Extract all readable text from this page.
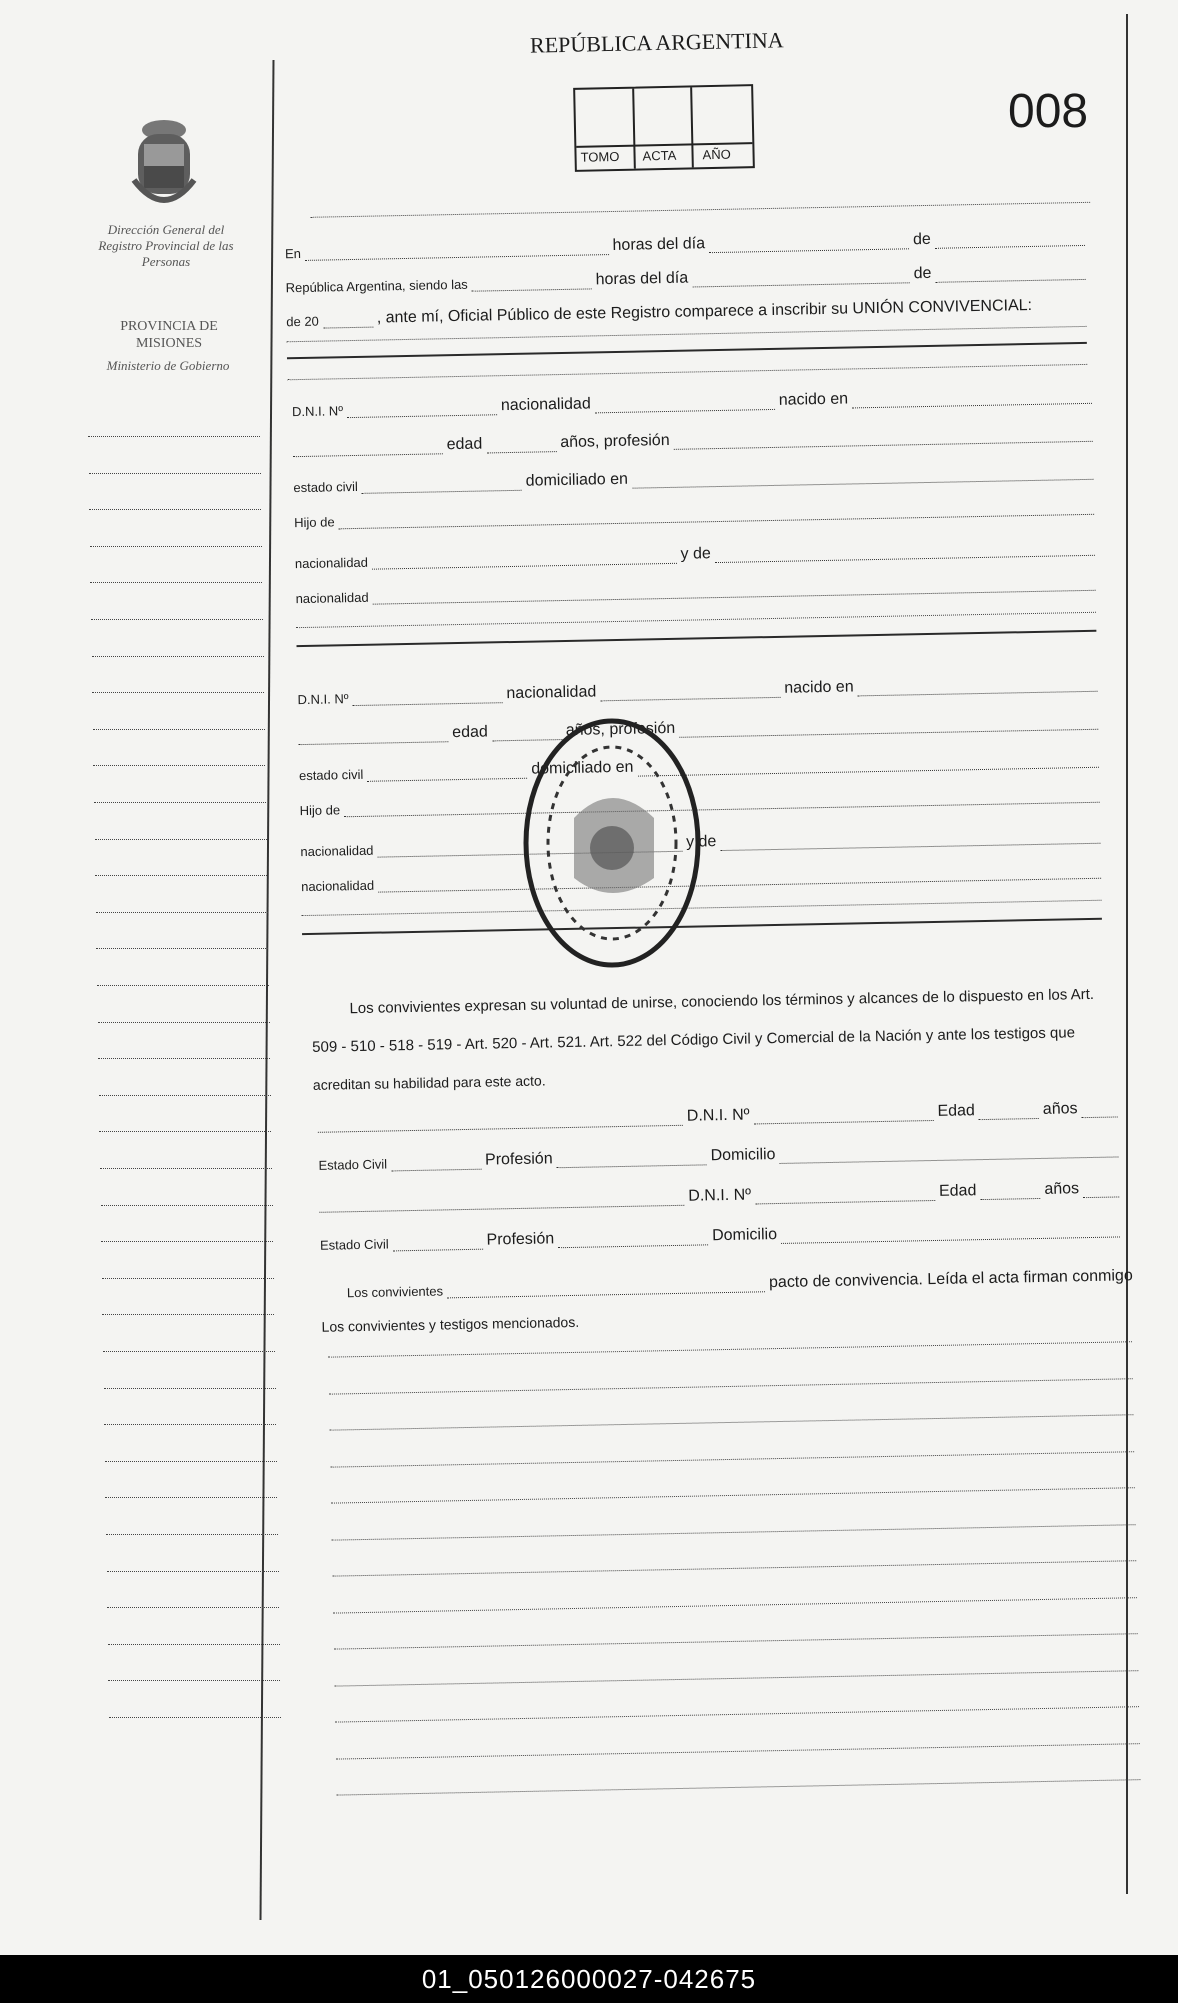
Dirección General del Registro Provincial de las Personas
PROVINCIA DE MISIONES
Ministerio de Gobierno
REPÚBLICA ARGENTINA
TOMO ACTA AÑO
008
En	horas del día	de
República Argentina, siendo las	horas del día	de
de 20	, ante mí, Oficial Público de este Registro comparece a inscribir su UNIÓN CONVIVENCIAL:
D.N.I. Nº	nacionalidad	nacido en
edad	años, profesión
estado civil	domiciliado en
Hijo de
nacionalidad
y de
nacionalidad
D.N.I. Nº	nacionalidad	nacido en
edad	años, profesión
estado civil	domiciliado en
Hijo de
nacionalidad
y de
nacionalidad
Los convivientes expresan su voluntad de unirse, conociendo los términos y alcances de lo dispuesto en los Art.
509 - 510 - 518 - 519 - Art. 520 - Art. 521. Art. 522 del Código Civil y Comercial de la Nación y ante los testigos que
acreditan su habilidad para este acto.
D.N.I. Nº	Edad	años
Estado Civil	Profesión	Domicilio
D.N.I. Nº	Edad	años
Estado Civil	Profesión	Domicilio
Los convivientes
pacto de convivencia. Leída el acta firman conmigo
Los convivientes y testigos mencionados.
01_050126000027-042675
